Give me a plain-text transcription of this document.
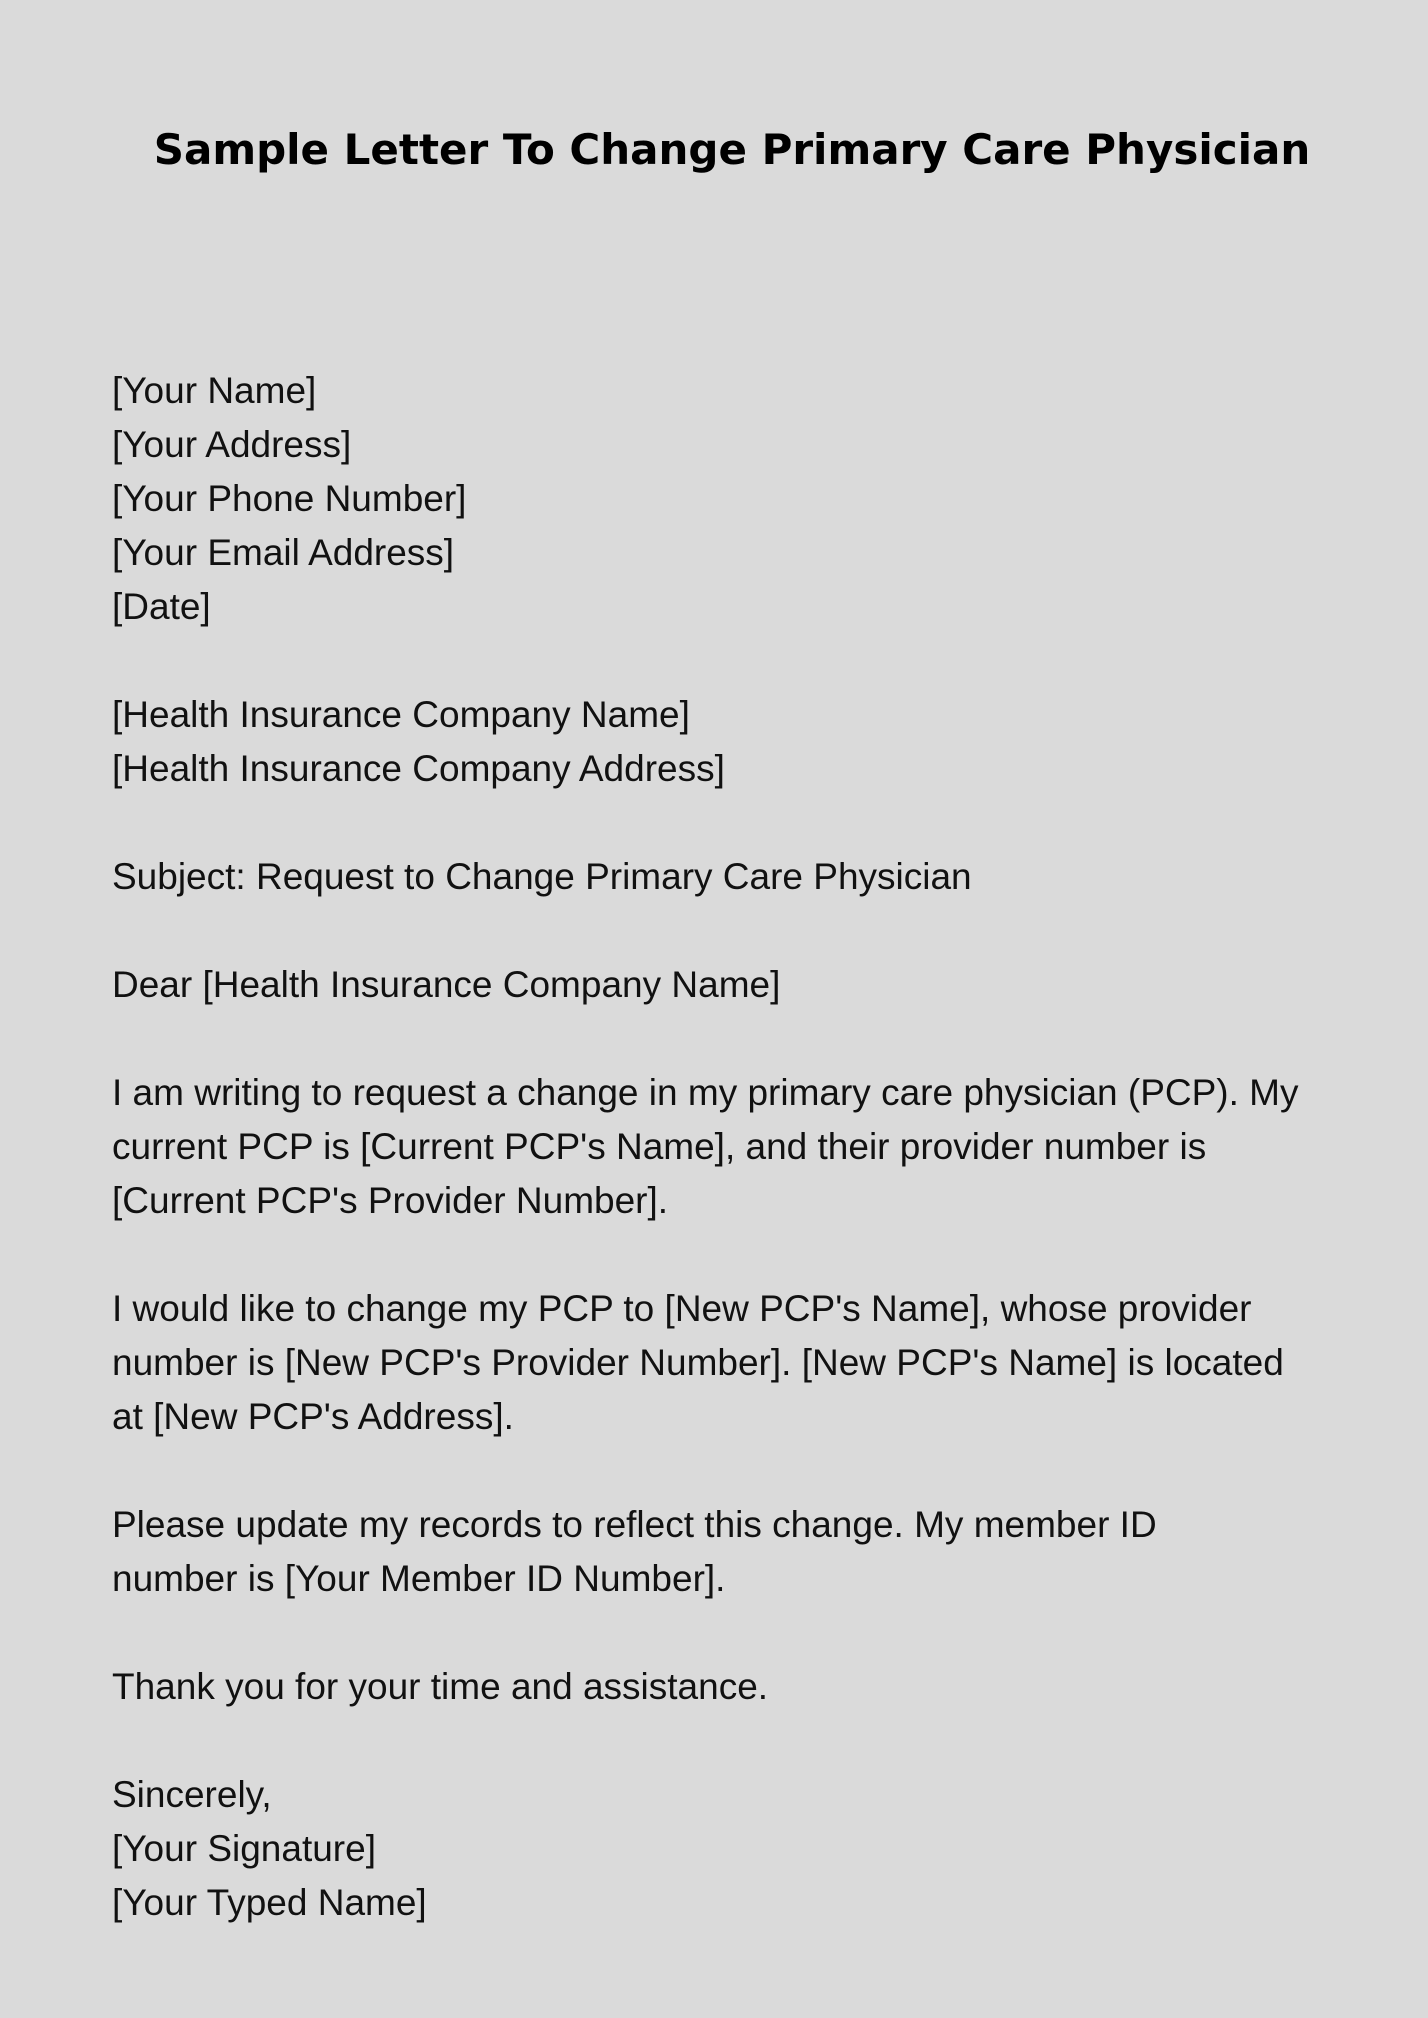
Sample Letter To Change Primary Care Physician
[Your Name]
[Your Address]
[Your Phone Number]
[Your Email Address]
[Date]
[Health Insurance Company Name]
[Health Insurance Company Address]
Subject: Request to Change Primary Care Physician
Dear [Health Insurance Company Name]
I am writing to request a change in my primary care physician (PCP). My
current PCP is [Current PCP's Name], and their provider number is
[Current PCP's Provider Number].
I would like to change my PCP to [New PCP's Name], whose provider
number is [New PCP's Provider Number]. [New PCP's Name] is located
at [New PCP's Address].
Please update my records to reflect this change. My member ID
number is [Your Member ID Number].
Thank you for your time and assistance.
Sincerely,
[Your Signature]
[Your Typed Name]
